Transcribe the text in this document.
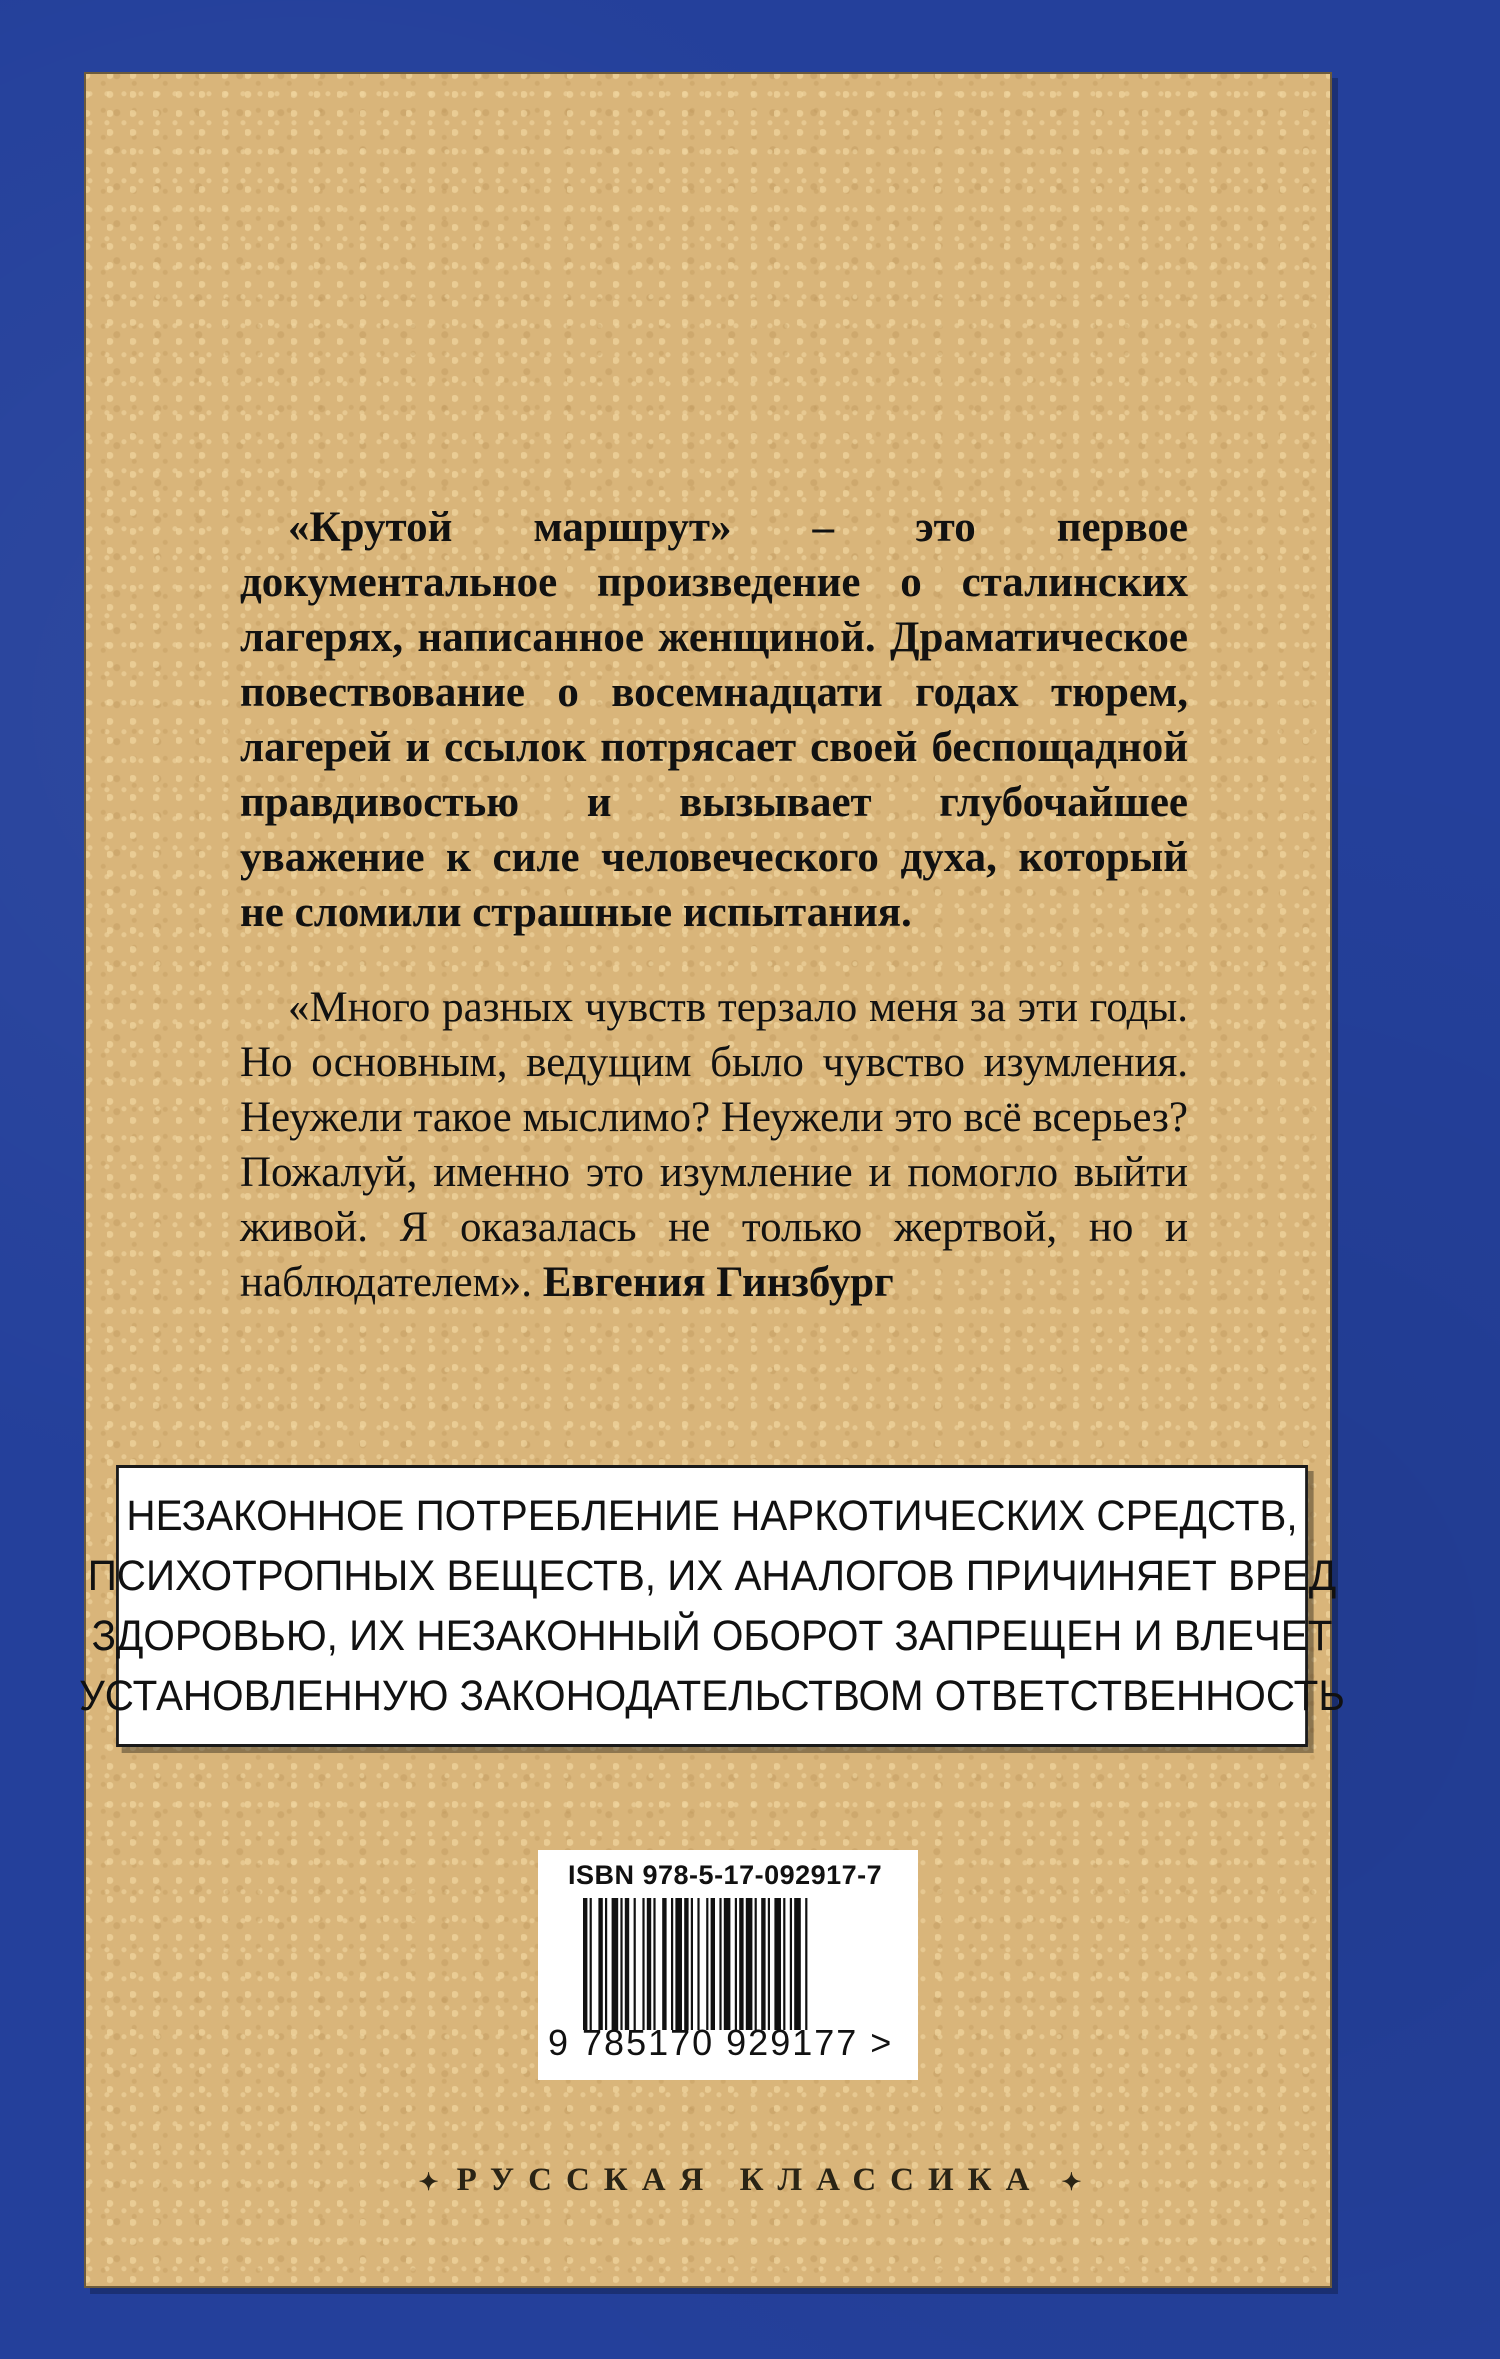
«Крутой маршрут» – это первое документальное произведение о сталинских лагерях, написанное женщиной. Драматическое повествование о восемнадцати годах тюрем, лагерей и ссылок потрясает своей беспощадной правдивостью и вызывает глубочайшее уважение к силе человеческого духа, который не сломили страшные испытания.

«Много разных чувств терзало меня за эти годы. Но основным, ведущим было чувство изумления. Неужели такое мыслимо? Неужели это всё всерьез? Пожалуй, именно это изумление и помогло выйти живой. Я оказалась не только жертвой, но и наблюдателем». Евгения Гинзбург

НЕЗАКОННОЕ ПОТРЕБЛЕНИЕ НАРКОТИЧЕСКИХ СРЕДСТВ,
ПСИХОТРОПНЫХ ВЕЩЕСТВ, ИХ АНАЛОГОВ ПРИЧИНЯЕТ ВРЕД
ЗДОРОВЬЮ, ИХ НЕЗАКОННЫЙ ОБОРОТ ЗАПРЕЩЕН И ВЛЕЧЕТ
УСТАНОВЛЕННУЮ ЗАКОНОДАТЕЛЬСТВОМ ОТВЕТСТВЕННОСТЬ
ISBN 978-5-17-092917-7
9 785170 929177 >
✦ РУССКАЯ КЛАССИКА ✦
